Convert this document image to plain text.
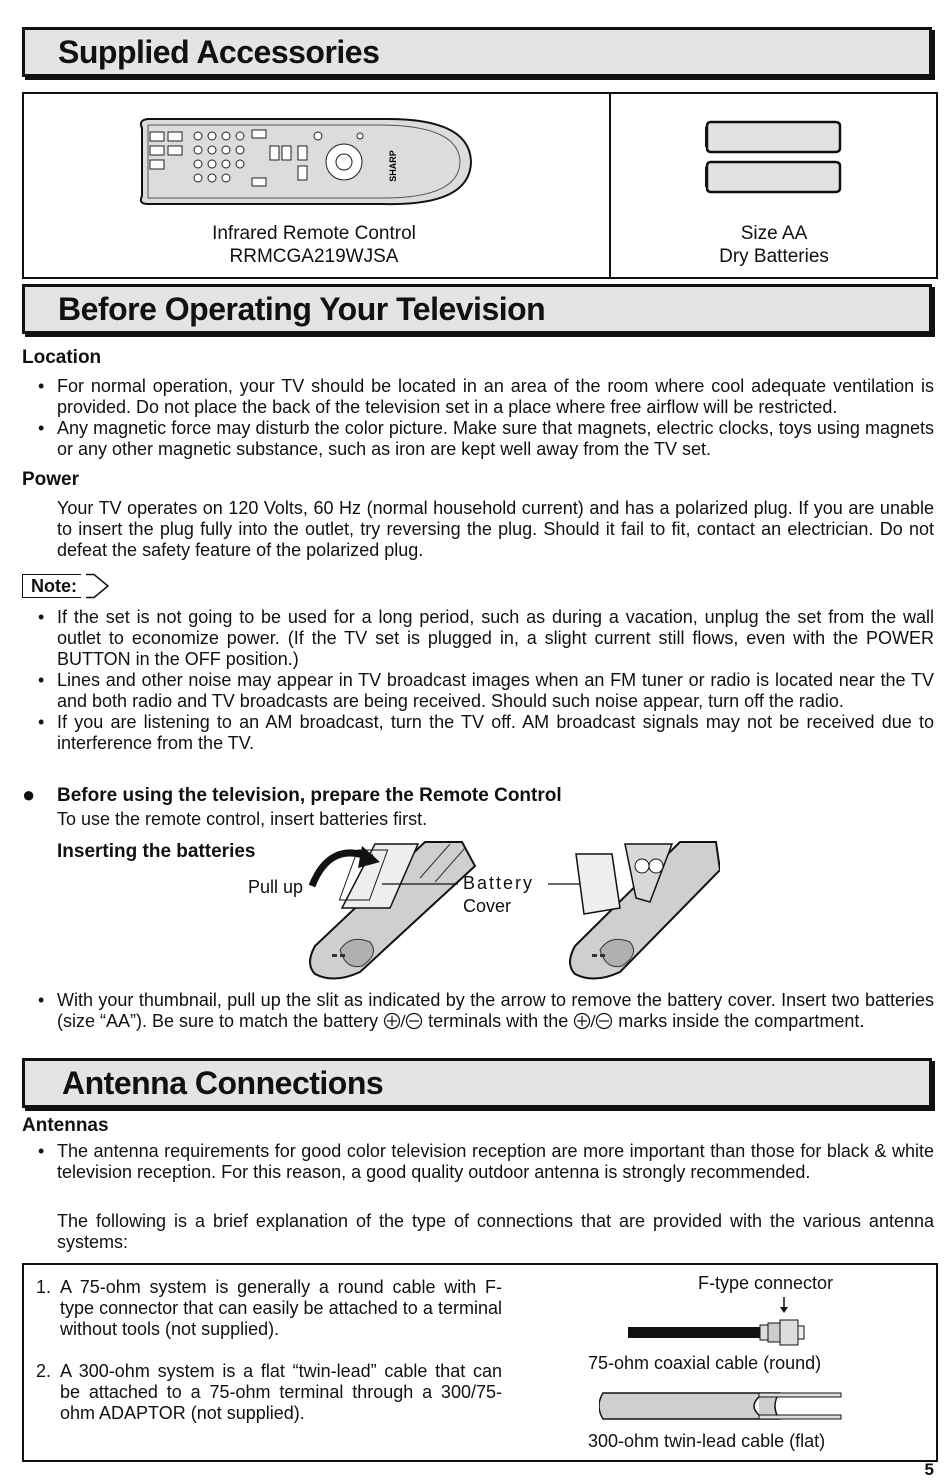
Supplied Accessories
SHARP
Infrared Remote Control
RRMCGA219WJSA
Size AA
Dry Batteries
Before Operating Your Television
Location
• For normal operation, your TV should be located in an area of the room where cool adequate ventilation is provided. Do not place the back of the television set in a place where free airflow will be restricted.
• Any magnetic force may disturb the color picture. Make sure that magnets, electric clocks, toys using magnets or any other magnetic substance, such as iron are kept well away from the TV set.
Power
Your TV operates on 120 Volts, 60 Hz (normal household current) and has a polarized plug. If you are unable to insert the plug fully into the outlet, try reversing the plug. Should it fail to fit, contact an electrician. Do not defeat the safety feature of the polarized plug.
Note:
• If the set is not going to be used for a long period, such as during a vacation, unplug the set from the wall outlet to economize power. (If the TV set is plugged in, a slight current still flows, even with the POWER BUTTON in the OFF position.)
• Lines and other noise may appear in TV broadcast images when an FM tuner or radio is located near the TV and both radio and TV broadcasts are being received. Should such noise appear, turn off the radio.
• If you are listening to an AM broadcast, turn the TV off. AM broadcast signals may not be received due to interference from the TV.
● Before using the television, prepare the Remote Control
To use the remote control, insert batteries first.
Inserting the batteries
Pull up	Battery
Cover
• With your thumbnail, pull up the slit as indicated by the arrow to remove the battery cover. Insert two batteries (size “AA”). Be sure to match the battery	terminals with the	marks inside the compartment.
Antenna Connections
Antennas
• The antenna requirements for good color television reception are more important than those for black & white television reception. For this reason, a good quality outdoor antenna is strongly recommended.
The following is a brief explanation of the type of connections that are provided with the various antenna systems:
1. A 75-ohm system is generally a round cable with F-type connector that can easily be attached to a terminal without tools (not supplied).
2. A 300-ohm system is a flat “twin-lead” cable that can be attached to a 75-ohm terminal through a 300/75-ohm ADAPTOR (not supplied).
F-type connector
75-ohm coaxial cable (round)
300-ohm twin-lead cable (flat)
5
